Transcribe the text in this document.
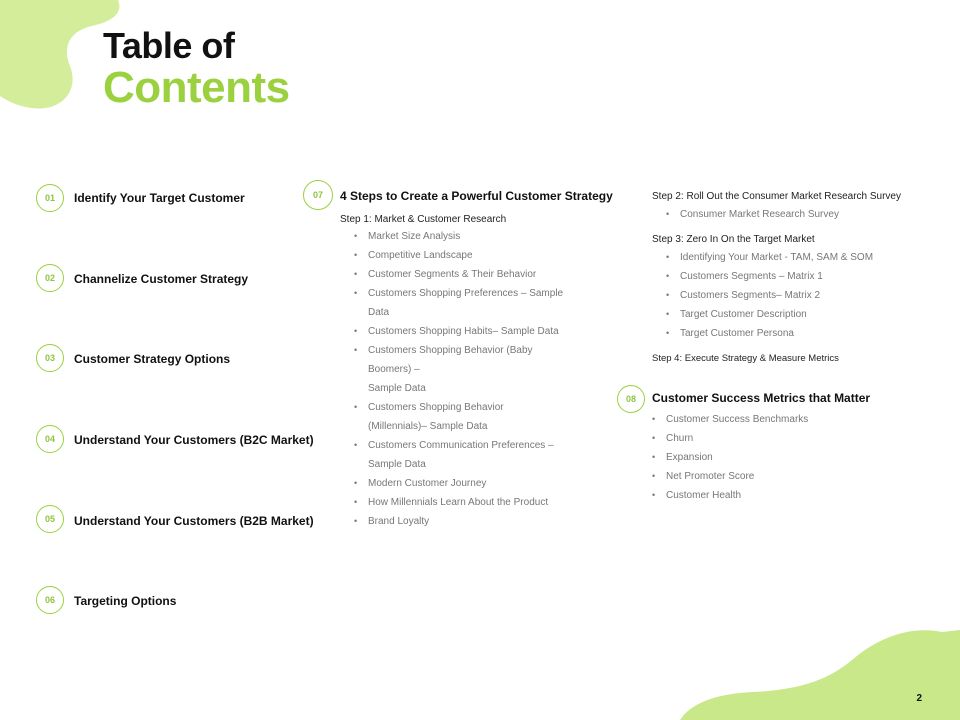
Table of
Contents
01	Identify Your Target Customer
02	Channelize Customer Strategy
03	Customer Strategy Options
04	Understand Your Customers (B2C Market)
05	Understand Your Customers (B2B Market)
06	Targeting Options
07	4 Steps to Create a Powerful Customer Strategy
Step 1: Market & Customer Research
• Market Size Analysis
• Competitive Landscape
• Customer Segments & Their Behavior
• Customers Shopping Preferences – Sample
Data
• Customers Shopping Habits– Sample Data
• Customers Shopping Behavior (Baby
Boomers) –
Sample Data
• Customers Shopping Behavior
(Millennials)– Sample Data
• Customers Communication Preferences –
Sample Data
• Modern Customer Journey
• How Millennials Learn About the Product
• Brand Loyalty
Step 2: Roll Out the Consumer Market Research Survey
• Consumer Market Research Survey
Step 3: Zero In On the Target Market
• Identifying Your Market - TAM, SAM & SOM
• Customers Segments – Matrix 1
• Customers Segments– Matrix 2
• Target Customer Description
• Target Customer Persona
Step 4: Execute Strategy & Measure Metrics
08	Customer Success Metrics that Matter
• Customer Success Benchmarks
• Churn
• Expansion
• Net Promoter Score
• Customer Health
2
